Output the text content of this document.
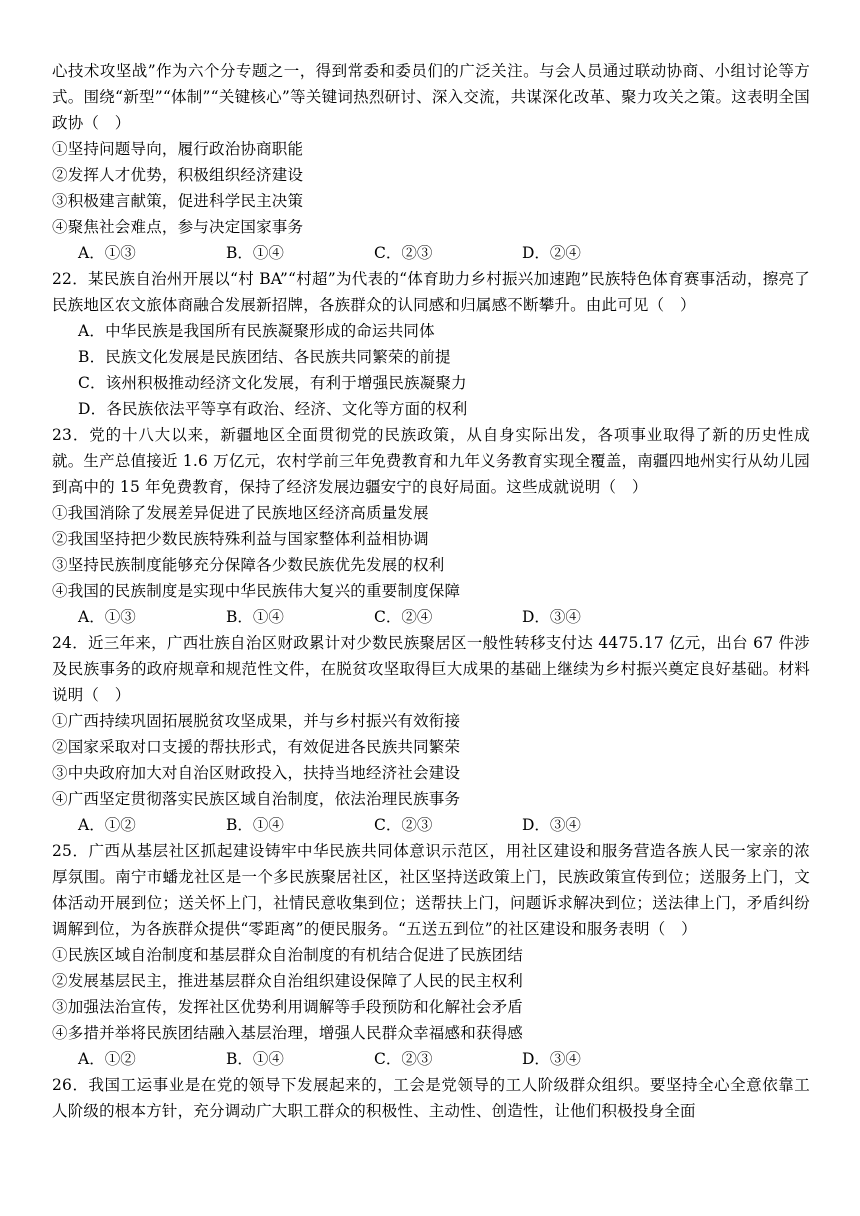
心技术攻坚战”作为六个分专题之一，得到常委和委员们的广泛关注。与会人员通过联动协商、小组讨论等方式。围绕“新型”“体制”“关键核心”等关键词热烈研讨、深入交流，共谋深化改革、聚力攻关之策。这表明全国政协（　）
①坚持问题导向，履行政治协商职能
②发挥人才优势，积极组织经济建设
③积极建言献策，促进科学民主决策
④聚焦社会难点，参与决定国家事务
A．①③	B．①④	C．②③	D．②④
22．某民族自治州开展以“村 BA”“村超”为代表的“体育助力乡村振兴加速跑”民族特色体育赛事活动，擦亮了民族地区农文旅体商融合发展新招牌，各族群众的认同感和归属感不断攀升。由此可见（　）
A．中华民族是我国所有民族凝聚形成的命运共同体
B．民族文化发展是民族团结、各民族共同繁荣的前提
C．该州积极推动经济文化发展，有利于增强民族凝聚力
D．各民族依法平等享有政治、经济、文化等方面的权利
23．党的十八大以来，新疆地区全面贯彻党的民族政策，从自身实际出发，各项事业取得了新的历史性成就。生产总值接近 1.6 万亿元，农村学前三年免费教育和九年义务教育实现全覆盖，南疆四地州实行从幼儿园到高中的 15 年免费教育，保持了经济发展边疆安宁的良好局面。这些成就说明（　）
①我国消除了发展差异促进了民族地区经济高质量发展
②我国坚持把少数民族特殊利益与国家整体利益相协调
③坚持民族制度能够充分保障各少数民族优先发展的权利
④我国的民族制度是实现中华民族伟大复兴的重要制度保障
A．①③	B．①④	C．②④	D．③④
24．近三年来，广西壮族自治区财政累计对少数民族聚居区一般性转移支付达 4475.17 亿元，出台 67 件涉及民族事务的政府规章和规范性文件，在脱贫攻坚取得巨大成果的基础上继续为乡村振兴奠定良好基础。材料说明（　）
①广西持续巩固拓展脱贫攻坚成果，并与乡村振兴有效衔接
②国家采取对口支援的帮扶形式，有效促进各民族共同繁荣
③中央政府加大对自治区财政投入，扶持当地经济社会建设
④广西坚定贯彻落实民族区域自治制度，依法治理民族事务
A．①②	B．①④	C．②③	D．③④
25．广西从基层社区抓起建设铸牢中华民族共同体意识示范区，用社区建设和服务营造各族人民一家亲的浓厚氛围。南宁市蟠龙社区是一个多民族聚居社区，社区坚持送政策上门，民族政策宣传到位；送服务上门，文体活动开展到位；送关怀上门，社情民意收集到位；送帮扶上门，问题诉求解决到位；送法律上门，矛盾纠纷调解到位，为各族群众提供“零距离”的便民服务。“五送五到位”的社区建设和服务表明（　）
①民族区域自治制度和基层群众自治制度的有机结合促进了民族团结
②发展基层民主，推进基层群众自治组织建设保障了人民的民主权利
③加强法治宣传，发挥社区优势利用调解等手段预防和化解社会矛盾
④多措并举将民族团结融入基层治理，增强人民群众幸福感和获得感
A．①②	B．①④	C．②③	D．③④
26．我国工运事业是在党的领导下发展起来的，工会是党领导的工人阶级群众组织。要坚持全心全意依靠工人阶级的根本方针，充分调动广大职工群众的积极性、主动性、创造性，让他们积极投身全面
